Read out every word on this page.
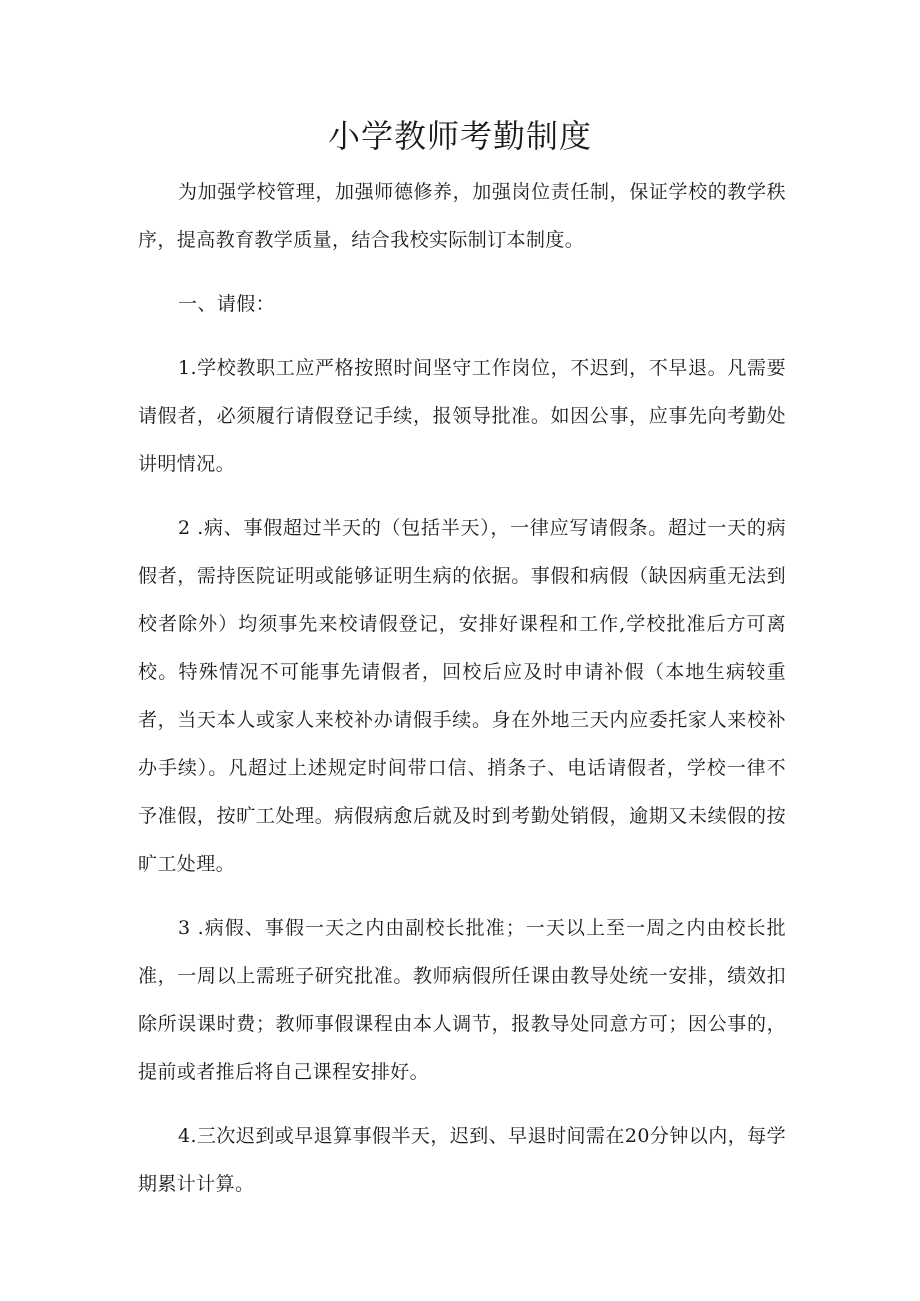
小学教师考勤制度

为加强学校管理，加强师德修养，加强岗位责任制，保证学校的教学秩序，提高教育教学质量，结合我校实际制订本制度。

一、请假：

1.学校教职工应严格按照时间坚守工作岗位，不迟到，不早退。凡需要请假者，必须履行请假登记手续，报领导批准。如因公事，应事先向考勤处讲明情况。

2 .病、事假超过半天的（包括半天），一律应写请假条。超过一天的病假者，需持医院证明或能够证明生病的依据。事假和病假（缺因病重无法到校者除外）均须事先来校请假登记，安排好课程和工作,学校批准后方可离校。特殊情况不可能事先请假者，回校后应及时申请补假（本地生病较重者，当天本人或家人来校补办请假手续。身在外地三天内应委托家人来校补办手续）。凡超过上述规定时间带口信、捎条子、电话请假者，学校一律不予准假，按旷工处理。病假病愈后就及时到考勤处销假，逾期又未续假的按旷工处理。

3 .病假、事假一天之内由副校长批准；一天以上至一周之内由校长批准，一周以上需班子研究批准。教师病假所任课由教导处统一安排，绩效扣除所误课时费；教师事假课程由本人调节，报教导处同意方可；因公事的，提前或者推后将自己课程安排好。

4.三次迟到或早退算事假半天，迟到、早退时间需在20分钟以内，每学期累计计算。
